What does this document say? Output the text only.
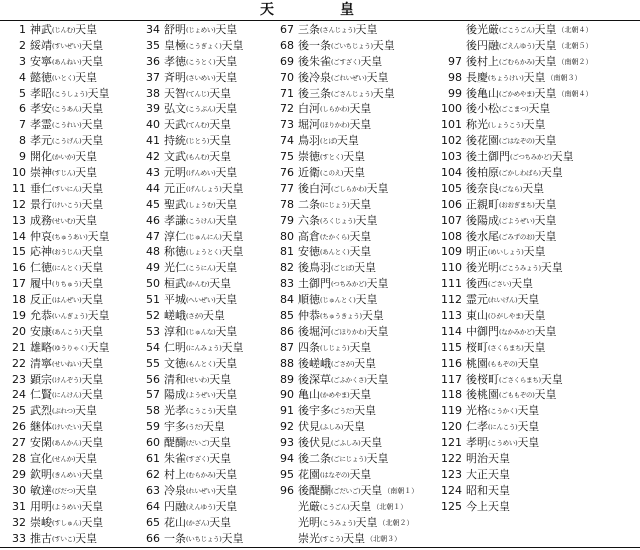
天　皇
1 神武(じんむ)天皇
2 綏靖(すいぜい)天皇
3 安寧(あんねい)天皇
4 懿徳(いとく)天皇
5 孝昭(こうしょう)天皇
6 孝安(こうあん)天皇
7 孝霊(こうれい)天皇
8 孝元(こうげん)天皇
9 開化(かいか)天皇
10 崇神(すじん)天皇
11 垂仁(すいにん)天皇
12 景行(けいこう)天皇
13 成務(せいむ)天皇
14 仲哀(ちゅうあい)天皇
15 応神(おうじん)天皇
16 仁徳(にんとく)天皇
17 履中(りちゅう)天皇
18 反正(はんぜい)天皇
19 允恭(いんぎょう)天皇
20 安康(あんこう)天皇
21 雄略(ゆうりゃく)天皇
22 清寧(せいねい)天皇
23 顕宗(けんぞう)天皇
24 仁賢(にんけん)天皇
25 武烈(ぶれつ)天皇
26 継体(けいたい)天皇
27 安閑(あんかん)天皇
28 宣化(せんか)天皇
29 欽明(きんめい)天皇
30 敏達(びだつ)天皇
31 用明(ようめい)天皇
32 崇峻(すしゅん)天皇
33 推古(すいこ)天皇
34 舒明(じょめい)天皇
35 皇極(こうぎょく)天皇
36 孝徳(こうとく)天皇
37 斉明(さいめい)天皇
38 天智(てんじ)天皇
39 弘文(こうぶん)天皇
40 天武(てんむ)天皇
41 持統(じとう)天皇
42 文武(もんむ)天皇
43 元明(げんめい)天皇
44 元正(げんしょう)天皇
45 聖武(しょうむ)天皇
46 孝謙(こうけん)天皇
47 淳仁(じゅんにん)天皇
48 称徳(しょうとく)天皇
49 光仁(こうにん)天皇
50 桓武(かんむ)天皇
51 平城(へいぜい)天皇
52 嵯峨(さが)天皇
53 淳和(じゅんな)天皇
54 仁明(にんみょう)天皇
55 文徳(もんとく)天皇
56 清和(せいわ)天皇
57 陽成(ようぜい)天皇
58 光孝(こうこう)天皇
59 宇多(うだ)天皇
60 醍醐(だいご)天皇
61 朱雀(すざく)天皇
62 村上(むらかみ)天皇
63 冷泉(れいぜい)天皇
64 円融(えんゆう)天皇
65 花山(かざん)天皇
66 一条(いちじょう)天皇
67 三条(さんじょう)天皇
68 後一条(ごいちじょう)天皇
69 後朱雀(ごすざく)天皇
70 後冷泉(ごれいぜい)天皇
71 後三条(ごさんじょう)天皇
72 白河(しらかわ)天皇
73 堀河(ほりかわ)天皇
74 鳥羽(とば)天皇
75 崇徳(すとく)天皇
76 近衛(このえ)天皇
77 後白河(ごしらかわ)天皇
78 二条(にじょう)天皇
79 六条(ろくじょう)天皇
80 高倉(たかくら)天皇
81 安徳(あんとく)天皇
82 後鳥羽(ごとば)天皇
83 土御門(つちみかど)天皇
84 順徳(じゅんとく)天皇
85 仲恭(ちゅうきょう)天皇
86 後堀河(ごほりかわ)天皇
87 四条(しじょう)天皇
88 後嵯峨(ごさが)天皇
89 後深草(ごふかくさ)天皇
90 亀山(かめやま)天皇
91 後宇多(ごうだ)天皇
92 伏見(ふしみ)天皇
93 後伏見(ごふしみ)天皇
94 後二条(ごにじょう)天皇
95 花園(はなぞの)天皇
96 後醍醐(ごだいご)天皇（南朝１）
光厳(こうごん)天皇（北朝１）
光明(こうみょう)天皇（北朝２）
崇光(すこう)天皇（北朝３）
後光厳(ごこうごん)天皇（北朝４）
後円融(ごえんゆう)天皇（北朝５）
97 後村上(ごむらかみ)天皇（南朝２）
98 長慶(ちょうけい)天皇（南朝３）
99 後亀山(ごかめやま)天皇（南朝４）
100 後小松(ごこまつ)天皇
101 称光(しょうこう)天皇
102 後花園(ごはなぞの)天皇
103 後土御門(ごつちみかど)天皇
104 後柏原(ごかしわばら)天皇
105 後奈良(ごなら)天皇
106 正親町(おおぎまち)天皇
107 後陽成(ごようぜい)天皇
108 後水尾(ごみずのお)天皇
109 明正(めいしょう)天皇
110 後光明(ごこうみょう)天皇
111 後西(ごさい)天皇
112 霊元(れいげん)天皇
113 東山(ひがしやま)天皇
114 中御門(なかみかど)天皇
115 桜町(さくらまち)天皇
116 桃園(ももぞの)天皇
117 後桜町(ごさくらまち)天皇
118 後桃園(ごももぞの)天皇
119 光格(こうかく)天皇
120 仁孝(にんこう)天皇
121 孝明(こうめい)天皇
122 明治天皇
123 大正天皇
124 昭和天皇
125 今上天皇
